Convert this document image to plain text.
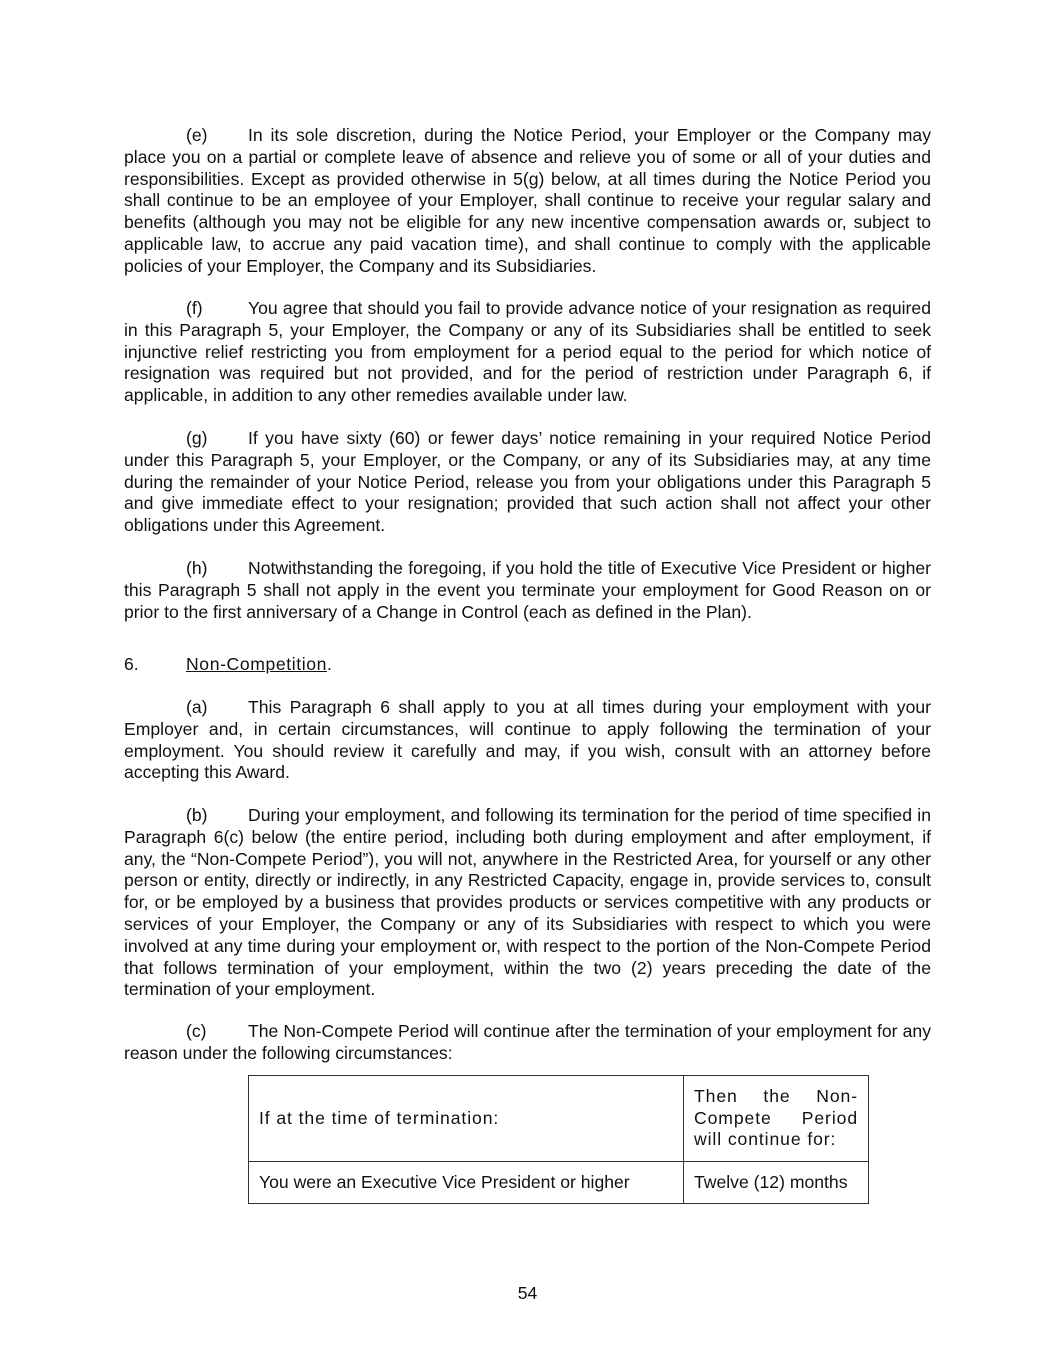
(e) In its sole discretion, during the Notice Period, your Employer or the Company may place you on a partial or complete leave of absence and relieve you of some or all of your duties and responsibilities. Except as provided otherwise in 5(g) below, at all times during the Notice Period you shall continue to be an employee of your Employer, shall continue to receive your regular salary and benefits (although you may not be eligible for any new incentive compensation awards or, subject to applicable law, to accrue any paid vacation time), and shall continue to comply with the applicable policies of your Employer, the Company and its Subsidiaries.

(f)	You agree that should you fail to provide advance notice of your resignation as required in this Paragraph 5, your Employer, the Company or any of its Subsidiaries shall be entitled to seek injunctive relief restricting you from employment for a period equal to the period for which notice of resignation was required but not provided, and for the period of restriction under Paragraph 6, if applicable, in addition to any other remedies available under law.

(g) If you have sixty (60) or fewer days’ notice remaining in your required Notice Period under this Paragraph 5, your Employer, or the Company, or any of its Subsidiaries may, at any time during the remainder of your Notice Period, release you from your obligations under this Paragraph 5 and give immediate effect to your resignation; provided that such action shall not affect your other obligations under this Agreement.

(h) Notwithstanding the foregoing, if you hold the title of Executive Vice President or higher this Paragraph 5 shall not apply in the event you terminate your employment for Good Reason on or prior to the first anniversary of a Change in Control (each as defined in the Plan).

6.	Non-Competition.

(a) This Paragraph 6 shall apply to you at all times during your employment with your Employer and, in certain circumstances, will continue to apply following the termination of your employment. You should review it carefully and may, if you wish, consult with an attorney before accepting this Award.

(b) During your employment, and following its termination for the period of time specified in Paragraph 6(c) below (the entire period, including both during employment and after employment, if any, the “Non-Compete Period”), you will not, anywhere in the Restricted Area, for yourself or any other person or entity, directly or indirectly, in any Restricted Capacity, engage in, provide services to, consult for, or be employed by a business that provides products or services competitive with any products or services of your Employer, the Company or any of its Subsidiaries with respect to which you were involved at any time during your employment or, with respect to the portion of the Non-Compete Period that follows termination of your employment, within the two (2) years preceding the date of the termination of your employment.

(c) The Non-Compete Period will continue after the termination of your employment for any reason under the following circumstances:

If at the time of termination:	Then the Non-Compete Period will continue for:
You were an Executive Vice President or higher	Twelve (12) months
54
